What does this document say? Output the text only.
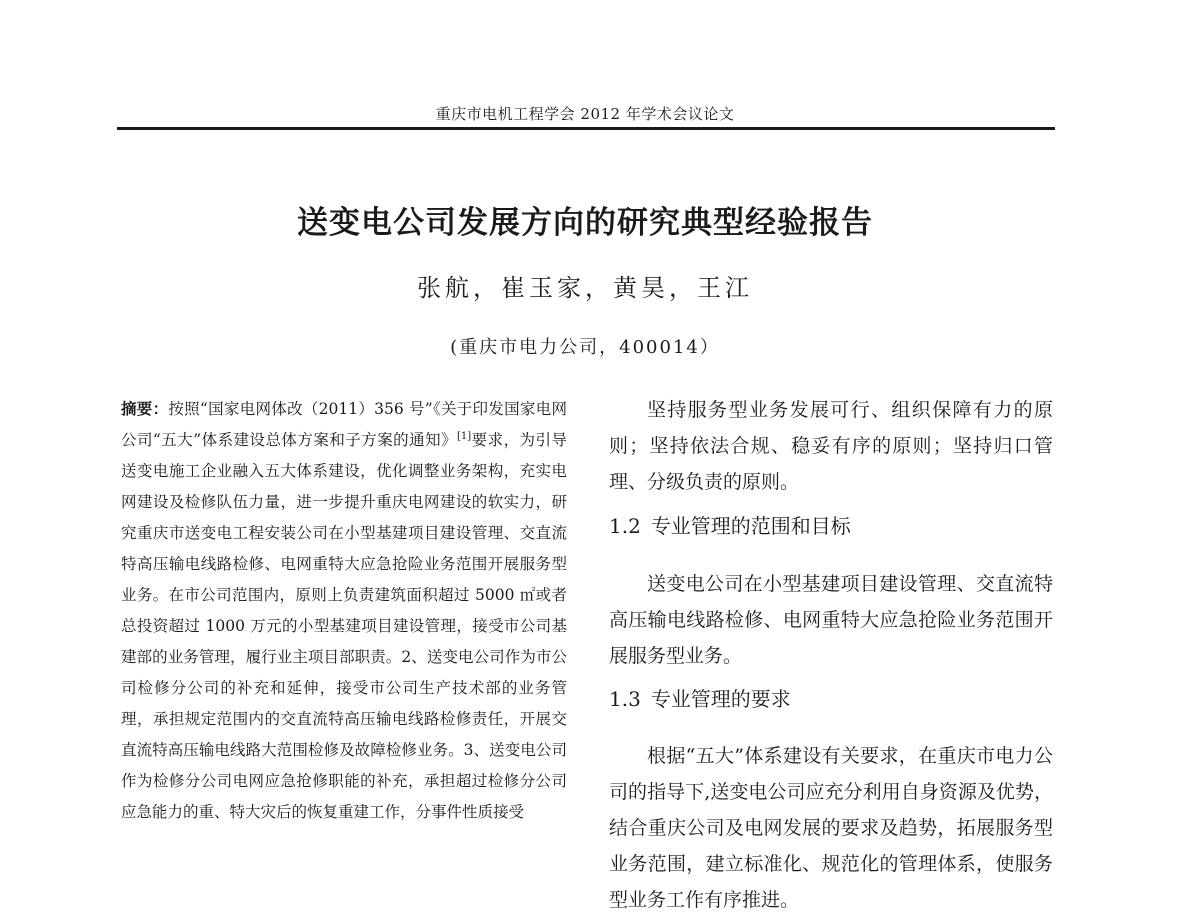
重庆市电机工程学会 2012 年学术会议论文
送变电公司发展方向的研究典型经验报告
张航，崔玉家，黄昊，王江
(重庆市电力公司，400014）
摘要：按照“国家电网体改（2011）356 号”《关于印发国家电网公司“五大”体系建设总体方案和子方案的通知》[1]要求，为引导送变电施工企业融入五大体系建设，优化调整业务架构，充实电网建设及检修队伍力量，进一步提升重庆电网建设的软实力，研究重庆市送变电工程安装公司在小型基建项目建设管理、交直流特高压输电线路检修、电网重特大应急抢险业务范围开展服务型业务。在市公司范围内，原则上负责建筑面积超过 5000 ㎡或者总投资超过 1000 万元的小型基建项目建设管理，接受市公司基建部的业务管理，履行业主项目部职责。2、送变电公司作为市公司检修分公司的补充和延伸，接受市公司生产技术部的业务管理，承担规定范围内的交直流特高压输电线路检修责任，开展交直流特高压输电线路大范围检修及故障检修业务。3、送变电公司作为检修分公司电网应急抢修职能的补充，承担超过检修分公司应急能力的重、特大灾后的恢复重建工作，分事件性质接受
坚持服务型业务发展可行、组织保障有力的原则；坚持依法合规、稳妥有序的原则；坚持归口管理、分级负责的原则。
1.2 专业管理的范围和目标
送变电公司在小型基建项目建设管理、交直流特高压输电线路检修、电网重特大应急抢险业务范围开展服务型业务。
1.3 专业管理的要求
根据“五大”体系建设有关要求，在重庆市电力公司的指导下,送变电公司应充分利用自身资源及优势，结合重庆公司及电网发展的要求及趋势，拓展服务型业务范围，建立标准化、规范化的管理体系，使服务型业务工作有序推进。
